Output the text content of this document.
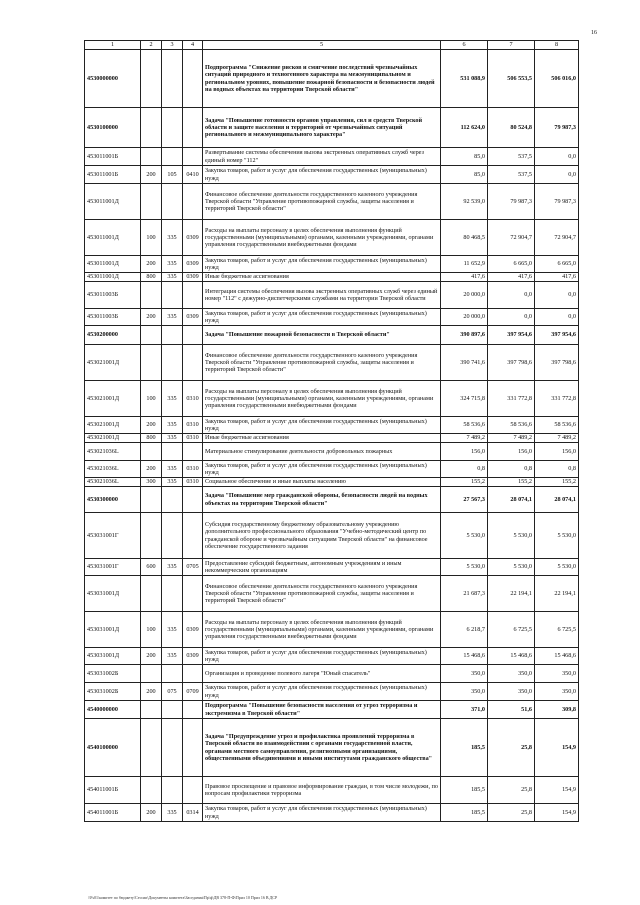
16
1	2	3	4	5	6	7	8
4530000000				Подпрограмма "Снижение рисков и смягчение последствий чрезвычайных ситуаций природного и техногенного характера на межмуниципальном и региональном уровнях, повышение пожарной безопасности и безопасности людей на водных объектах на территории Тверской области"	531 088,9	506 553,5	506 016,0
4530100000				Задача "Повышение готовности органов управления, сил и средств Тверской области и защите населения и территорий от чрезвычайных ситуаций регионального и межмуниципального характера"	112 624,0	80 524,8	79 987,3
453011001Б				Развертывание системы обеспечения вызова экстренных оперативных служб через единый номер "112"	85,0	537,5	0,0
453011001Б	200	105	0410	Закупка товаров, работ и услуг для обеспечения государственных (муниципальных) нужд	85,0	537,5	0,0
453011001Д				Финансовое обеспечение деятельности государственного казенного учреждения Тверской области "Управление противопожарной службы, защиты населения и территорий Тверской области"	92 539,0	79 987,3	79 987,3
453011001Д	100	335	0309	Расходы на выплаты персоналу в целях обеспечения выполнения функций государственными (муниципальными) органами, казенными учреждениями, органами управления государственными внебюджетными фондами	80 468,5	72 904,7	72 904,7
453011001Д	200	335	0309	Закупка товаров, работ и услуг для обеспечения государственных (муниципальных) нужд	11 652,9	6 665,0	6 665,0
453011001Д	800	335	0309	Иные бюджетные ассигнования	417,6	417,6	417,6
453011003Б				Интеграция системы обеспечения вызова экстренных оперативных служб через единый номер "112" с дежурно-диспетчерскими службами на территории Тверской области	20 000,0	0,0	0,0
453011003Б	200	335	0309	Закупка товаров, работ и услуг для обеспечения государственных (муниципальных) нужд	20 000,0	0,0	0,0
4530200000				Задача "Повышение пожарной безопасности в Тверской области"	390 897,6	397 954,6	397 954,6
453021001Д				Финансовое обеспечение деятельности государственного казенного учреждения Тверской области "Управление противопожарной службы, защиты населения и территорий Тверской области"	390 741,6	397 798,6	397 798,6
453021001Д	100	335	0310	Расходы на выплаты персоналу в целях обеспечения выполнения функций государственными (муниципальными) органами, казенными учреждениями, органами управления государственными внебюджетными фондами	324 715,8	331 772,8	331 772,8
453021001Д	200	335	0310	Закупка товаров, работ и услуг для обеспечения государственных (муниципальных) нужд	58 536,6	58 536,6	58 536,6
453021001Д	800	335	0310	Иные бюджетные ассигнования	7 489,2	7 489,2	7 489,2
453021036L				Материальное стимулирование деятельности добровольных пожарных	156,0	156,0	156,0
453021036L	200	335	0310	Закупка товаров, работ и услуг для обеспечения государственных (муниципальных) нужд	0,8	0,8	0,8
453021036L	300	335	0310	Социальное обеспечение и иные выплаты населению	155,2	155,2	155,2
4530300000				Задача "Повышение мер гражданской обороны, безопасности людей на водных объектах на территории Тверской области"	27 567,3	28 074,1	28 074,1
453031001Г				Субсидия государственному бюджетному образовательному учреждению дополнительного профессионального образования "Учебно-методический центр по гражданской обороне и чрезвычайным ситуациям Тверской области" на финансовое обеспечение государственного задания	5 530,0	5 530,0	5 530,0
453031001Г	600	335	0705	Предоставление субсидий бюджетным, автономным учреждениям и иным некоммерческим организациям	5 530,0	5 530,0	5 530,0
453031001Д				Финансовое обеспечение деятельности государственного казенного учреждения Тверской области "Управление противопожарной службы, защиты населения и территорий Тверской области"	21 687,3	22 194,1	22 194,1
453031001Д	100	335	0309	Расходы на выплаты персоналу в целях обеспечения выполнения функций государственными (муниципальными) органами, казенными учреждениями, органами управления государственными внебюджетными фондами	6 218,7	6 725,5	6 725,5
453031001Д	200	335	0309	Закупка товаров, работ и услуг для обеспечения государственных (муниципальных) нужд	15 468,6	15 468,6	15 468,6
453031002Б				Организация и проведение полевого лагеря "Юный спасатель"	350,0	350,0	350,0
453031002Б	200	075	0709	Закупка товаров, работ и услуг для обеспечения государственных (муниципальных) нужд	350,0	350,0	350,0
4540000000				Подпрограмма "Повышение безопасности населения от угроз терроризма и экстремизма в Тверской области"	371,0	51,6	309,8
4540100000				Задача "Предупреждение угроз и профилактика проявлений терроризма в Тверской области во взаимодействии с органами государственной власти, органами местного самоуправления, религиозными организациями, общественными объединениями и иными институтами гражданского общества"	185,5	25,8	154,9
454011001Б				Правовое просвещение и правовое информирование граждан, в том числе молодежи, по вопросам профилактики терроризма	185,5	25,8	154,9
454011001Б	200	335	0314	Закупка товаров, работ и услуг для обеспечения государственных (муниципальных) нужд	185,5	25,8	154,9
\\Fs01\комитет по бюджету\Сессии\Документы комитета\Заседания\Пр\ф\ДВ 378-П-Ф\Прил 10 Прил 16 В.ДСР
